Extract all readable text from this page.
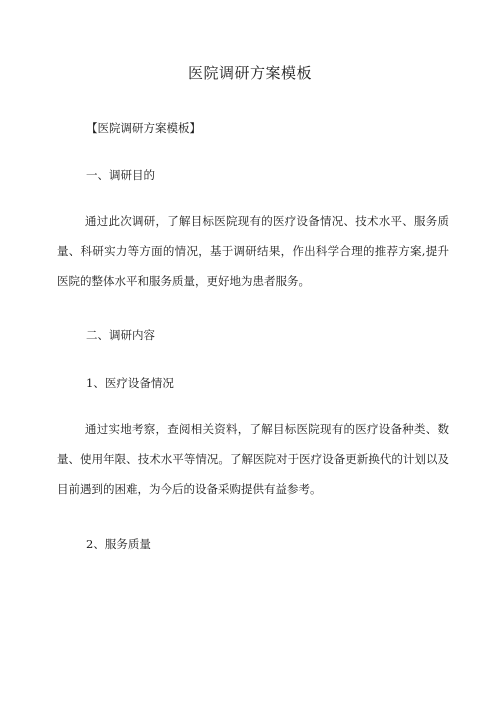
医院调研方案模板
【医院调研方案模板】
一、调研目的
通过此次调研，了解目标医院现有的医疗设备情况、技术水平、服务质量、科研实力等方面的情况，基于调研结果，作出科学合理的推荐方案,提升医院的整体水平和服务质量，更好地为患者服务。
二、调研内容
1、医疗设备情况
通过实地考察，查阅相关资料，了解目标医院现有的医疗设备种类、数量、使用年限、技术水平等情况。了解医院对于医疗设备更新换代的计划以及目前遇到的困难，为今后的设备采购提供有益参考。
2、服务质量
